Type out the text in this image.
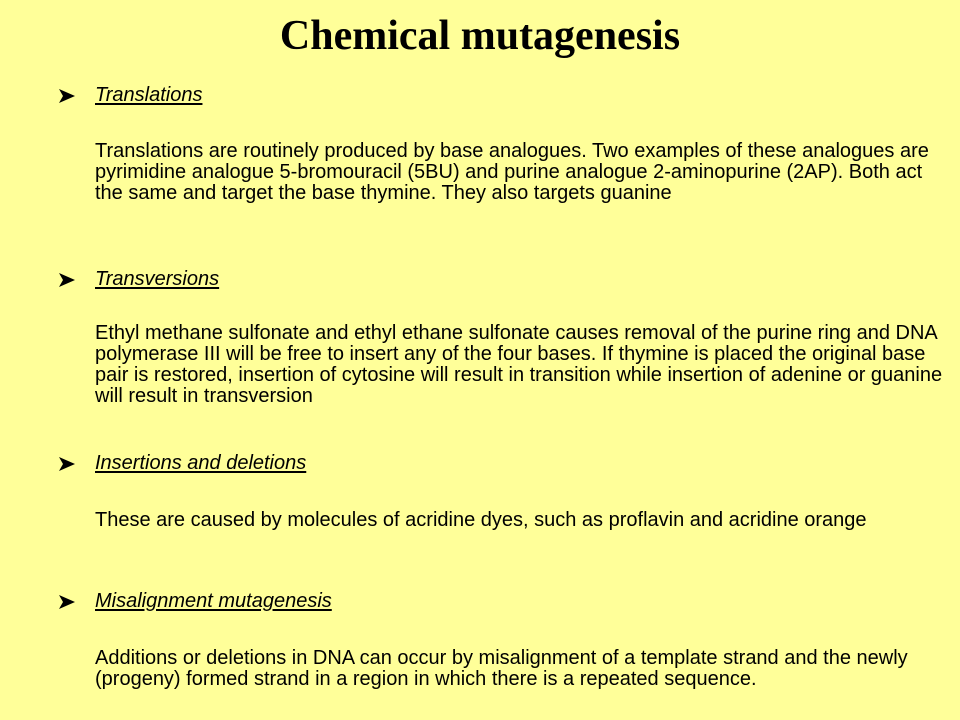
Chemical mutagenesis
Translations

Translations are routinely produced by base analogues. Two examples of these analogues are pyrimidine analogue 5-bromouracil (5BU) and purine analogue 2-aminopurine (2AP). Both act the same and target the base thymine. They also targets guanine

Transversions

Ethyl methane sulfonate and ethyl ethane sulfonate causes removal of the purine ring and DNA polymerase III will be free to insert any of the four bases. If thymine is placed the original base pair is restored, insertion of cytosine will result in transition while insertion of adenine or guanine will result in transversion

Insertions and deletions

These are caused by molecules of acridine dyes, such as proflavin and acridine orange

Misalignment mutagenesis

Additions or deletions in DNA can occur by misalignment of a template strand and the newly (progeny) formed strand in a region in which there is a repeated sequence.
